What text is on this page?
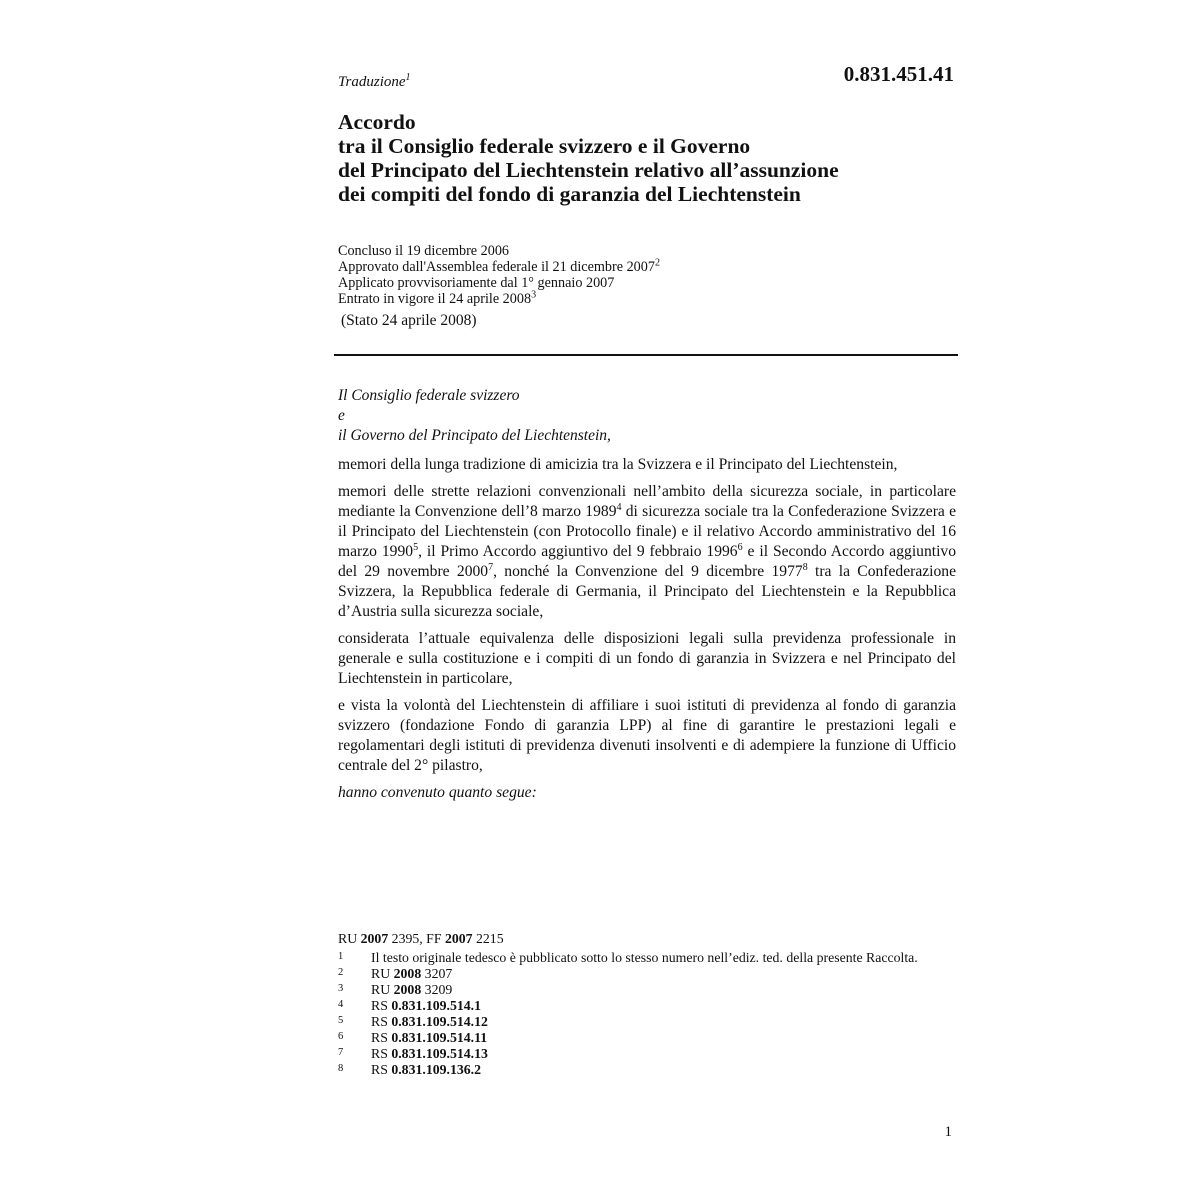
0.831.451.41
Traduzione$^1$
Accordo
tra il Consiglio federale svizzero e il Governo
del Principato del Liechtenstein relativo all’assunzione
dei compiti del fondo di garanzia del Liechtenstein
Concluso il 19 dicembre 2006
Approvato dall'Assemblea federale il 21 dicembre 2007$^2$
Applicato provvisoriamente dal 1° gennaio 2007
Entrato in vigore il 24 aprile 2008$^3$
(Stato 24 aprile 2008)
Il Consiglio federale svizzero
e
il Governo del Principato del Liechtenstein,

memori della lunga tradizione di amicizia tra la Svizzera e il Principato del Liechtenstein,

memori delle strette relazioni convenzionali nell’ambito della sicurezza sociale, in particolare mediante la Convenzione dell’8 marzo 1989$^4$ di sicurezza sociale tra la Confederazione Svizzera e il Principato del Liechtenstein (con Protocollo finale) e il relativo Accordo amministrativo del 16 marzo 1990$^5$, il Primo Accordo aggiuntivo del 9 febbraio 1996$^6$ e il Secondo Accordo aggiuntivo del 29 novembre 2000$^7$, nonché la Convenzione del 9 dicembre 1977$^8$ tra la Confederazione Svizzera, la Repubblica federale di Germania, il Principato del Liechtenstein e la Repubblica d’Austria sulla sicurezza sociale,

considerata l’attuale equivalenza delle disposizioni legali sulla previdenza professionale in generale e sulla costituzione e i compiti di un fondo di garanzia in Svizzera e nel Principato del Liechtenstein in particolare,

e vista la volontà del Liechtenstein di affiliare i suoi istituti di previdenza al fondo di garanzia svizzero (fondazione Fondo di garanzia LPP) al fine di garantire le prestazioni legali e regolamentari degli istituti di previdenza divenuti insolventi e di adempiere la funzione di Ufficio centrale del 2° pilastro,

hanno convenuto quanto segue:

RU 2007 2395, FF 2007 2215
1	Il testo originale tedesco è pubblicato sotto lo stesso numero nell’ediz. ted. della presente Raccolta.
2	RU 2008 3207
3	RU 2008 3209
4	RS 0.831.109.514.1
5	RS 0.831.109.514.12
6	RS 0.831.109.514.11
7	RS 0.831.109.514.13
8	RS 0.831.109.136.2
1
